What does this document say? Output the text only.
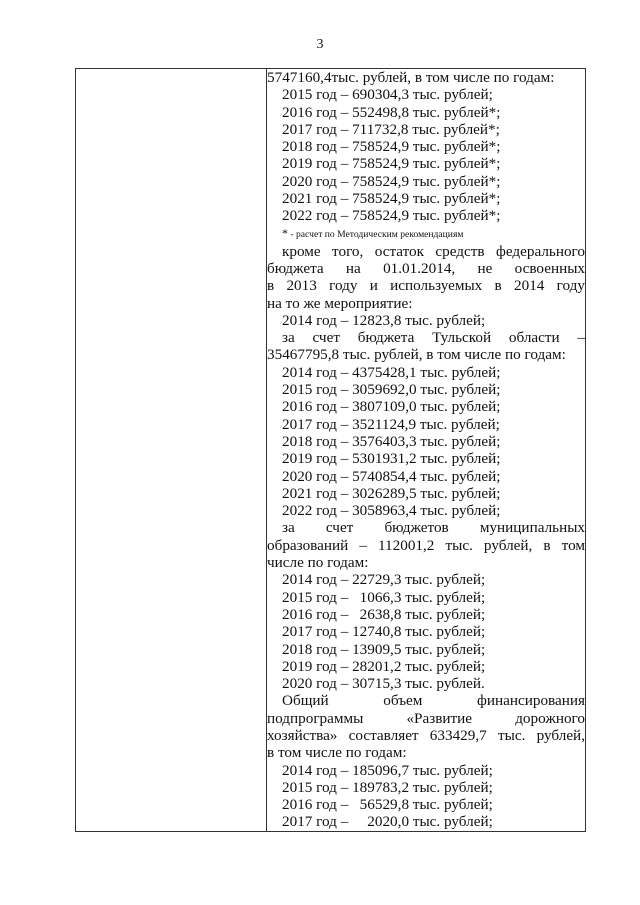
3

5747160,4тыс. рублей, в том числе по годам:
2015 год – 690304,3 тыс. рублей;
2016 год – 552498,8 тыс. рублей*;
2017 год – 711732,8 тыс. рублей*;
2018 год – 758524,9 тыс. рублей*;
2019 год – 758524,9 тыс. рублей*;
2020 год – 758524,9 тыс. рублей*;
2021 год – 758524,9 тыс. рублей*;
2022 год – 758524,9 тыс. рублей*;
* - расчет по Методическим рекомендациям
кроме того, остаток средств федерального
бюджета на 01.01.2014, не освоенных
в 2013 году и используемых в 2014 году
на то же мероприятие:
2014 год – 12823,8 тыс. рублей;
за счет бюджета Тульской области –
35467795,8 тыс. рублей, в том числе по годам:
2014 год – 4375428,1 тыс. рублей;
2015 год – 3059692,0 тыс. рублей;
2016 год – 3807109,0 тыс. рублей;
2017 год – 3521124,9 тыс. рублей;
2018 год – 3576403,3 тыс. рублей;
2019 год – 5301931,2 тыс. рублей;
2020 год – 5740854,4 тыс. рублей;
2021 год – 3026289,5 тыс. рублей;
2022 год – 3058963,4 тыс. рублей;
за счет бюджетов муниципальных
образований – 112001,2 тыс. рублей, в том
числе по годам:
2014 год – 22729,3 тыс. рублей;
2015 год –   1066,3 тыс. рублей;
2016 год –   2638,8 тыс. рублей;
2017 год – 12740,8 тыс. рублей;
2018 год – 13909,5 тыс. рублей;
2019 год – 28201,2 тыс. рублей;
2020 год – 30715,3 тыс. рублей.
Общий объем финансирования
подпрограммы «Развитие дорожного
хозяйства» составляет 633429,7 тыс. рублей,
в том числе по годам:
2014 год – 185096,7 тыс. рублей;
2015 год – 189783,2 тыс. рублей;
2016 год –   56529,8 тыс. рублей;
2017 год –     2020,0 тыс. рублей;
